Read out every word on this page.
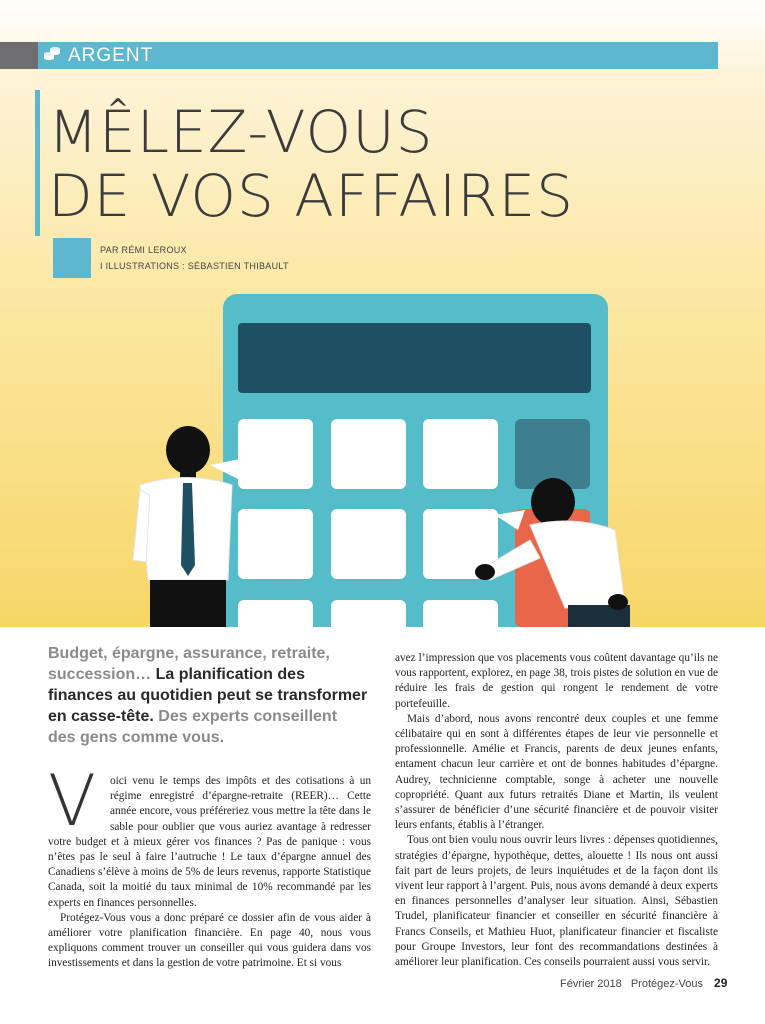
ARGENT
MÊLEZ-VOUS
DE VOS AFFAIRES
PAR RÉMI LEROUX
I ILLUSTRATIONS : SÉBASTIEN THIBAULT

Budget, épargne, assurance, retraite, succession… La planification des finances au quotidien peut se transformer en casse-tête. Des experts conseillent des gens comme vous.

V	oici venu le temps des impôts et des cotisations à un régime enregistré d’épargne-retraite (REER)… Cette année encore, vous préféreriez vous mettre la tête dans le sable pour oublier que vous auriez avantage à redresser votre budget et à mieux gérer vos finances ? Pas de panique : vous n’êtes pas le seul à faire l’autruche ! Le taux d’épargne annuel des Canadiens s’élève à moins de 5% de leurs revenus, rapporte Statistique Canada, soit la moitié du taux minimal de 10% recommandé par les experts en finances personnelles.

Protégez-Vous vous a donc préparé ce dossier afin de vous aider à améliorer votre planification financière. En page 40, nous vous expliquons comment trouver un conseiller qui vous guidera dans vos investissements et dans la gestion de votre patrimoine. Et si vous

avez l’impression que vos placements vous coûtent davantage qu’ils ne vous rapportent, explorez, en page 38, trois pistes de solution en vue de réduire les frais de gestion qui rongent le rendement de votre portefeuille.

Mais d’abord, nous avons rencontré deux couples et une femme célibataire qui en sont à différentes étapes de leur vie personnelle et professionnelle. Amélie et Francis, parents de deux jeunes enfants, entament chacun leur carrière et ont de bonnes habitudes d’épargne. Audrey, technicienne comptable, songe à acheter une nouvelle copropriété. Quant aux futurs retraités Diane et Martin, ils veulent s’assurer de bénéficier d’une sécurité financière et de pouvoir visiter leurs enfants, établis à l’étranger.

Tous ont bien voulu nous ouvrir leurs livres : dépenses quotidiennes, stratégies d’épargne, hypothèque, dettes, alouette ! Ils nous ont aussi fait part de leurs projets, de leurs inquiétudes et de la façon dont ils vivent leur rapport à l’argent. Puis, nous avons demandé à deux experts en finances personnelles d’analyser leur situation. Ainsi, Sébastien Trudel, planificateur financier et conseiller en sécurité financière à Francs Conseils, et Mathieu Huot, planificateur financier et fiscaliste pour Groupe Investors, leur font des recommandations destinées à améliorer leur planification. Ces conseils pourraient aussi vous servir.

Février 2018 Protégez-Vous 29
